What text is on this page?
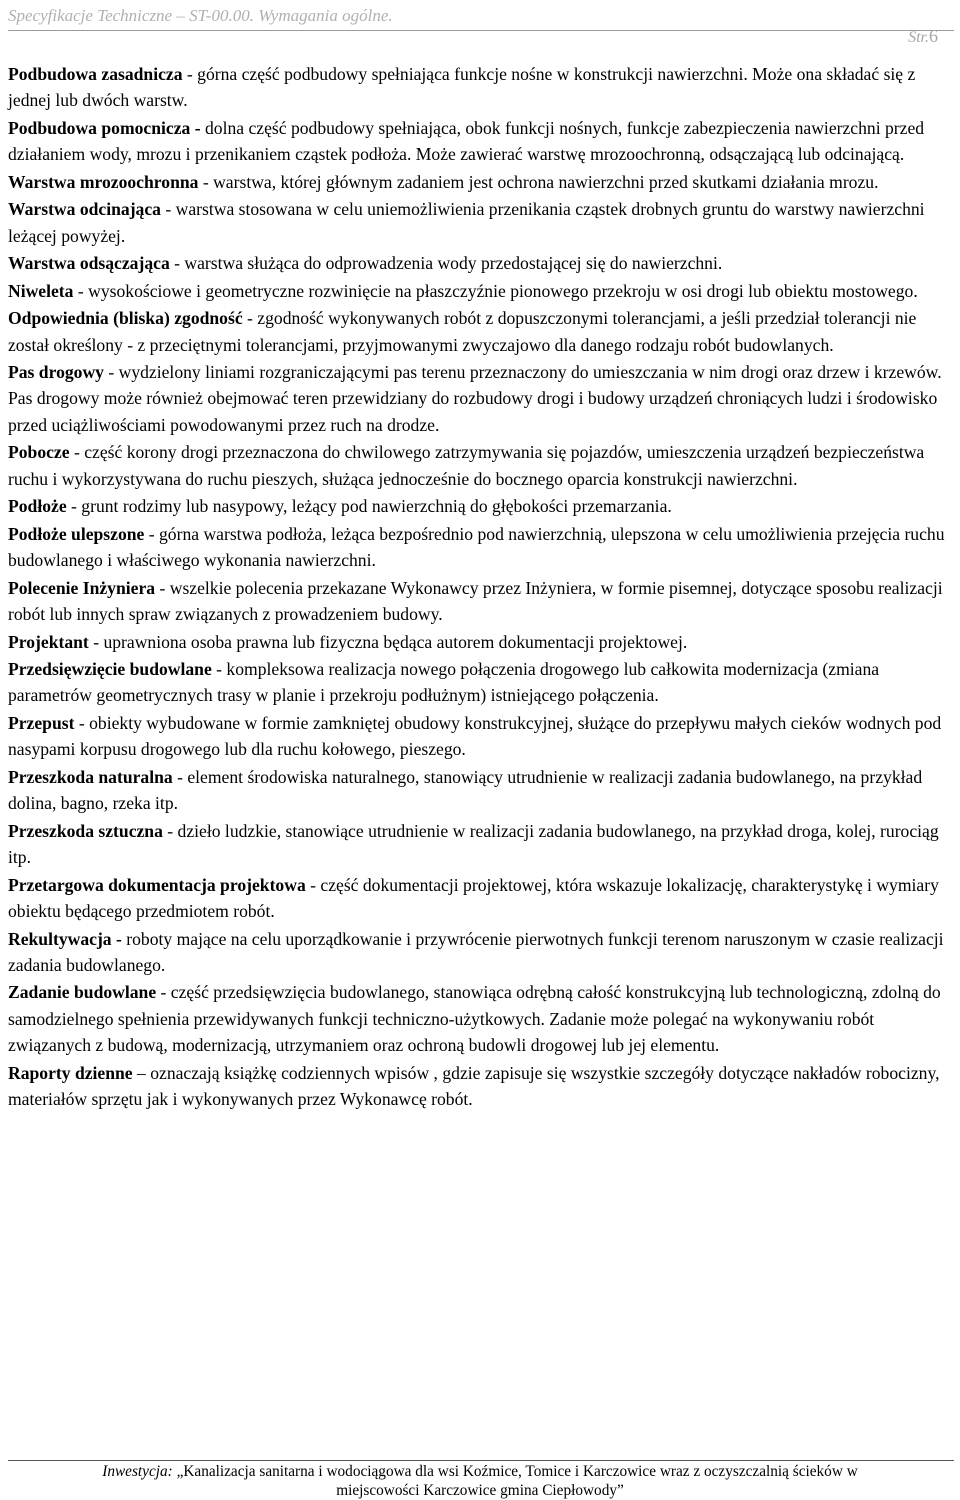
Specyfikacje Techniczne – ST-00.00. Wymagania ogólne.
Str.6

Podbudowa zasadnicza - górna część podbudowy spełniająca funkcje nośne w konstrukcji nawierzchni. Może ona składać się z jednej lub dwóch warstw.

Podbudowa pomocnicza - dolna część podbudowy spełniająca, obok funkcji nośnych, funkcje zabezpieczenia nawierzchni przed działaniem wody, mrozu i przenikaniem cząstek podłoża. Może zawierać warstwę mrozoochronną, odsączającą lub odcinającą.

Warstwa mrozoochronna - warstwa, której głównym zadaniem jest ochrona nawierzchni przed skutkami działania mrozu.

Warstwa odcinająca - warstwa stosowana w celu uniemożliwienia przenikania cząstek drobnych gruntu do warstwy nawierzchni leżącej powyżej.

Warstwa odsączająca - warstwa służąca do odprowadzenia wody przedostającej się do nawierzchni.

Niweleta - wysokościowe i geometryczne rozwinięcie na płaszczyźnie pionowego przekroju w osi drogi lub obiektu mostowego.

Odpowiednia (bliska) zgodność - zgodność wykonywanych robót z dopuszczonymi tolerancjami, a jeśli przedział tolerancji nie został określony - z przeciętnymi tolerancjami, przyjmowanymi zwyczajowo dla danego rodzaju robót budowlanych.

Pas drogowy - wydzielony liniami rozgraniczającymi pas terenu przeznaczony do umieszczania w nim drogi oraz drzew i krzewów. Pas drogowy może również obejmować teren przewidziany do rozbudowy drogi i budowy urządzeń chroniących ludzi i środowisko przed uciążliwościami powodowanymi przez ruch na drodze.

Pobocze - część korony drogi przeznaczona do chwilowego zatrzymywania się pojazdów, umieszczenia urządzeń bezpieczeństwa ruchu i wykorzystywana do ruchu pieszych, służąca jednocześnie do bocznego oparcia konstrukcji nawierzchni.

Podłoże - grunt rodzimy lub nasypowy, leżący pod nawierzchnią do głębokości przemarzania.

Podłoże ulepszone - górna warstwa podłoża, leżąca bezpośrednio pod nawierzchnią, ulepszona w celu umożliwienia przejęcia ruchu budowlanego i właściwego wykonania nawierzchni.

Polecenie Inżyniera - wszelkie polecenia przekazane Wykonawcy przez Inżyniera, w formie pisemnej, dotyczące sposobu realizacji robót lub innych spraw związanych z prowadzeniem budowy.

Projektant - uprawniona osoba prawna lub fizyczna będąca autorem dokumentacji projektowej.

Przedsięwzięcie budowlane - kompleksowa realizacja nowego połączenia drogowego lub całkowita modernizacja (zmiana parametrów geometrycznych trasy w planie i przekroju podłużnym) istniejącego połączenia.

Przepust - obiekty wybudowane w formie zamkniętej obudowy konstrukcyjnej, służące do przepływu małych cieków wodnych pod nasypami korpusu drogowego lub dla ruchu kołowego, pieszego.

Przeszkoda naturalna - element środowiska naturalnego, stanowiący utrudnienie w realizacji zadania budowlanego, na przykład dolina, bagno, rzeka itp.

Przeszkoda sztuczna - dzieło ludzkie, stanowiące utrudnienie w realizacji zadania budowlanego, na przykład droga, kolej, rurociąg itp.

Przetargowa dokumentacja projektowa - część dokumentacji projektowej, która wskazuje lokalizację, charakterystykę i wymiary obiektu będącego przedmiotem robót.

Rekultywacja - roboty mające na celu uporządkowanie i przywrócenie pierwotnych funkcji terenom naruszonym w czasie realizacji zadania budowlanego.

Zadanie budowlane - część przedsięwzięcia budowlanego, stanowiąca odrębną całość konstrukcyjną lub technologiczną, zdolną do samodzielnego spełnienia przewidywanych funkcji techniczno-użytkowych. Zadanie może polegać na wykonywaniu robót związanych z budową, modernizacją, utrzymaniem oraz ochroną budowli drogowej lub jej elementu.

Raporty dzienne – oznaczają książkę codziennych wpisów , gdzie zapisuje się wszystkie szczegóły dotyczące nakładów robocizny, materiałów sprzętu jak i wykonywanych przez Wykonawcę robót.

Inwestycja: „Kanalizacja sanitarna i wodociągowa dla wsi Koźmice, Tomice i Karczowice wraz z oczyszczalnią ścieków w
miejscowości Karczowice gmina Ciepłowody”
